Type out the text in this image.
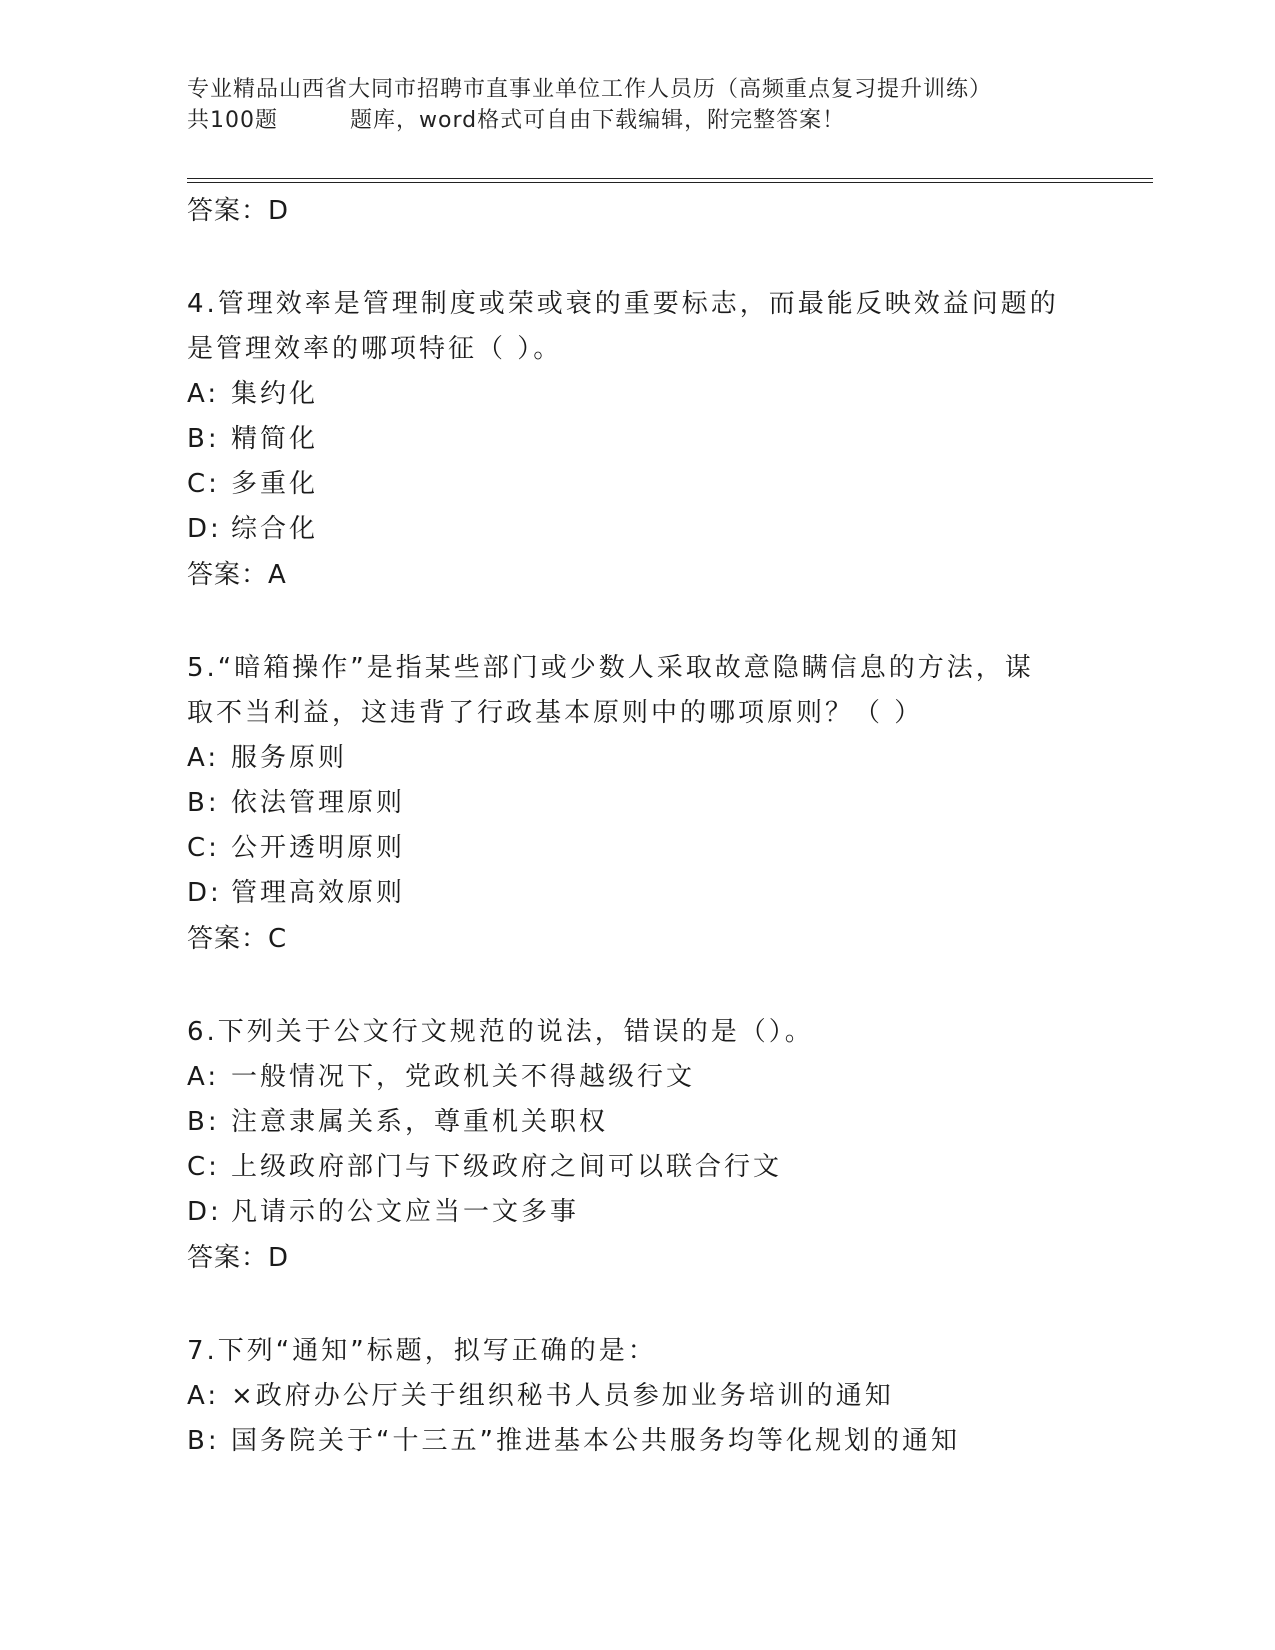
专业精品山西省大同市招聘市直事业单位工作人员历（高频重点复习提升训练）
共100题	题库，word格式可自由下载编辑，附完整答案！
答案：D
4.管理效率是管理制度或荣或衰的重要标志，而最能反映效益问题的
是管理效率的哪项特征（ ）。
A: 集约化
B: 精简化
C: 多重化
D: 综合化
答案：A
5.“暗箱操作”是指某些部门或少数人采取故意隐瞒信息的方法，谋
取不当利益，这违背了行政基本原则中的哪项原则？（ ）
A: 服务原则
B: 依法管理原则
C: 公开透明原则
D: 管理高效原则
答案：C
6.下列关于公文行文规范的说法，错误的是（）。
A: 一般情况下，党政机关不得越级行文
B: 注意隶属关系，尊重机关职权
C: 上级政府部门与下级政府之间可以联合行文
D: 凡请示的公文应当一文多事
答案：D
7.下列“通知”标题，拟写正确的是：
A: ×政府办公厅关于组织秘书人员参加业务培训的通知
B: 国务院关于“十三五”推进基本公共服务均等化规划的通知
